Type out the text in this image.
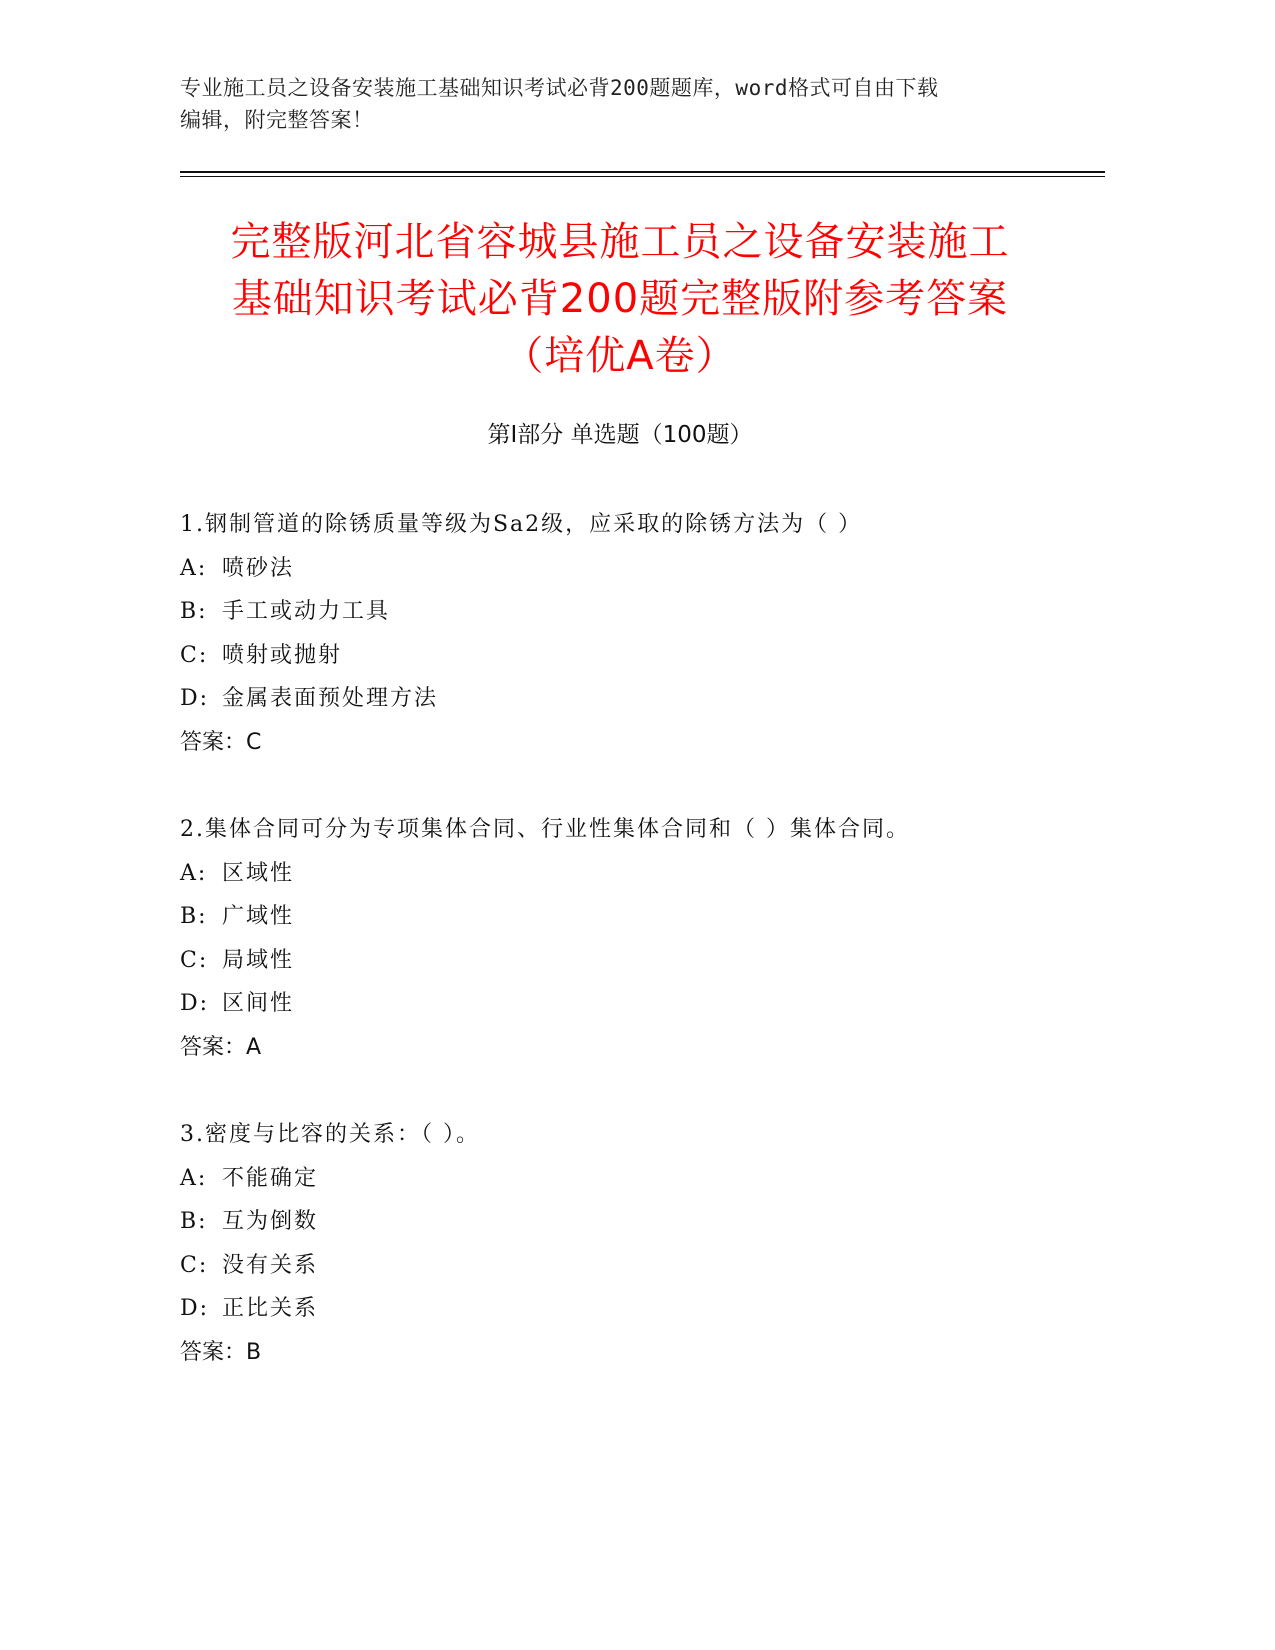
专业施工员之设备安装施工基础知识考试必背200题题库，word格式可自由下载
编辑，附完整答案！
完整版河北省容城县施工员之设备安装施工
基础知识考试必背200题完整版附参考答案
（培优A卷）
第Ⅰ部分 单选题（100题）
1.钢制管道的除锈质量等级为Sa2级，应采取的除锈方法为（ ）
A: 喷砂法
B: 手工或动力工具
C: 喷射或抛射
D: 金属表面预处理方法
答案：C
2.集体合同可分为专项集体合同、行业性集体合同和（ ）集体合同。
A: 区域性
B: 广域性
C: 局域性
D: 区间性
答案：A
3.密度与比容的关系：（ ）。
A: 不能确定
B: 互为倒数
C: 没有关系
D: 正比关系
答案：B
